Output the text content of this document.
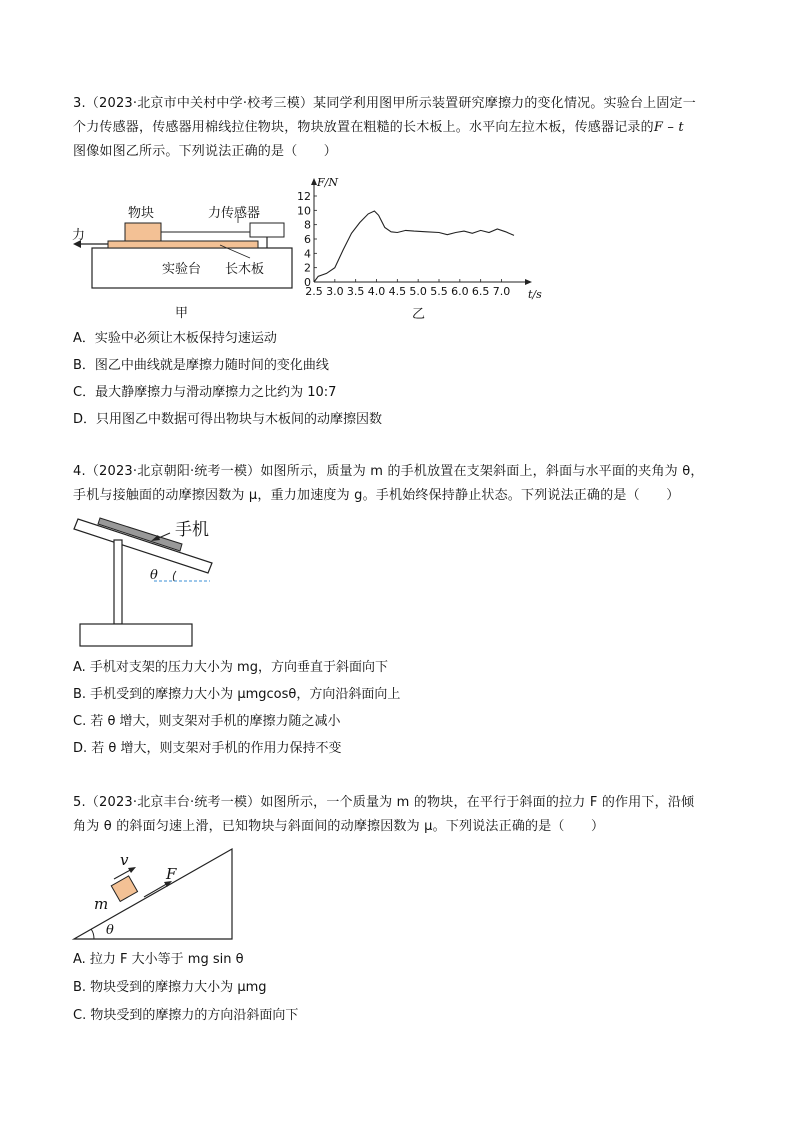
3.（2023·北京市中关村中学·校考三模）某同学利用图甲所示装置研究摩擦力的变化情况。实验台上固定一

个力传感器，传感器用棉线拉住物块，物块放置在粗糙的长木板上。水平向左拉木板，传感器记录的F – t

图像如图乙所示。下列说法正确的是（　　）

物块	力传感器
力
实验台 长木板
甲
2.5 3.0 3.5 4.0 4.5 5.0 5.5 6.0 6.5 7.0
0
2
4
6
8
10
12
F/N
t/s
乙
A．实验中必须让木板保持匀速运动
B．图乙中曲线就是摩擦力随时间的变化曲线
C．最大静摩擦力与滑动摩擦力之比约为 10:7
D．只用图乙中数据可得出物块与木板间的动摩擦因数

4.（2023·北京朝阳·统考一模）如图所示，质量为 m 的手机放置在支架斜面上，斜面与水平面的夹角为 θ，

手机与接触面的动摩擦因数为 μ，重力加速度为 g。手机始终保持静止状态。下列说法正确的是（　　）

θ
手机
A. 手机对支架的压力大小为 mg，方向垂直于斜面向下
B. 手机受到的摩擦力大小为 μmgcosθ，方向沿斜面向上
C. 若 θ 增大，则支架对手机的摩擦力随之减小
D. 若 θ 增大，则支架对手机的作用力保持不变

5.（2023·北京丰台·统考一模）如图所示，一个质量为 m 的物块，在平行于斜面的拉力 F 的作用下，沿倾

角为 θ 的斜面匀速上滑，已知物块与斜面间的动摩擦因数为 μ。下列说法正确的是（　　）

v
F
m
θ
A. 拉力 F 大小等于 mg sin θ
B. 物块受到的摩擦力大小为 μmg
C. 物块受到的摩擦力的方向沿斜面向下
